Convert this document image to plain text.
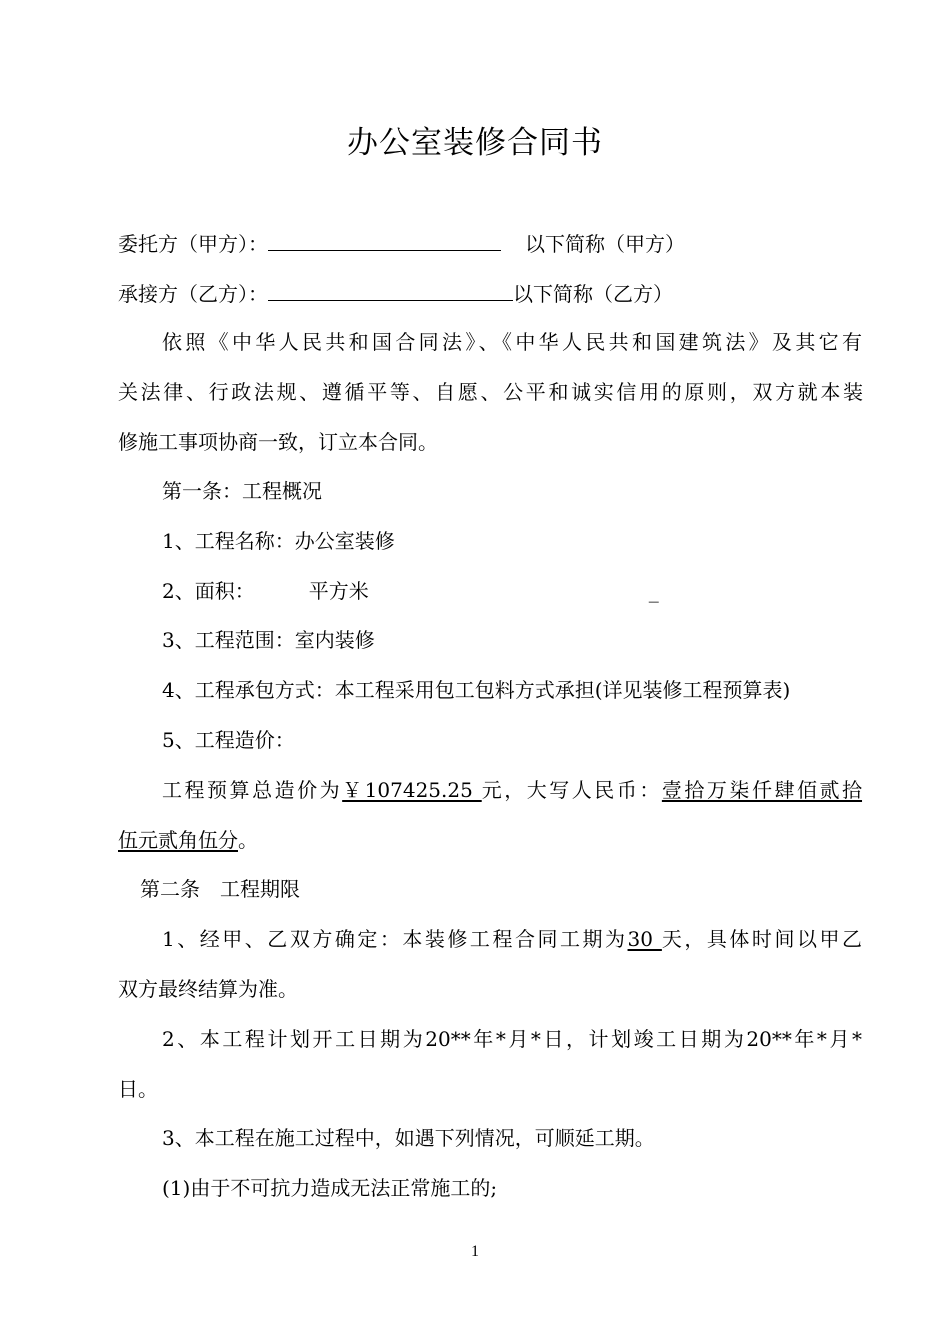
办公室装修合同书
委托方（甲方）：	以下简称（甲方）
承接方（乙方）：	以下简称（乙方）
依照《中华人民共和国合同法》、《中华人民共和国建筑法》及其它有
关法律、行政法规、遵循平等、自愿、公平和诚实信用的原则，双方就本装
修施工事项协商一致，订立本合同。
第一条：工程概况
1、工程名称：办公室装修
2、面积：	平方米	_
3、工程范围：室内装修
4、工程承包方式：本工程采用包工包料方式承担(详见装修工程预算表)
5、工程造价：
工程预算总造价为￥107425.25 元，大写人民币：壹拾万柒仟肆佰贰拾
伍元贰角伍分。
第二条　工程期限
1、经甲、乙双方确定：本装修工程合同工期为30 天，具体时间以甲乙
双方最终结算为准。
2、本工程计划开工日期为20**年*月*日，计划竣工日期为20**年*月*
日。
3、本工程在施工过程中，如遇下列情况，可顺延工期。
(1)由于不可抗力造成无法正常施工的;
1
